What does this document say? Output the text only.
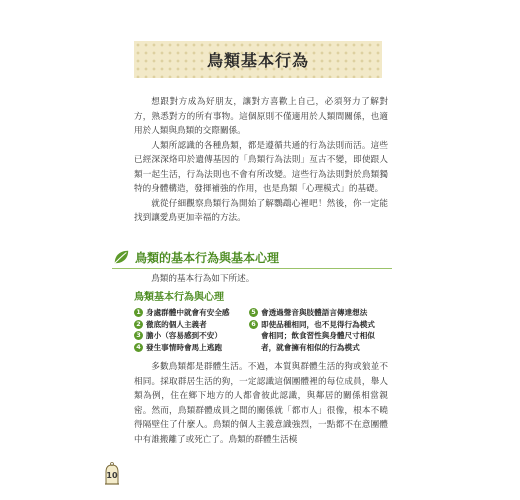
鳥類基本行為

想跟對方成為好朋友，讓對方喜歡上自己，必須努力了解對方，熟悉對方的所有事物。這個原則不僅適用於人類間關係，也適用於人類與鳥類的交際關係。

人類所認識的各種鳥類，都是遵循共通的行為法則而活。這些已經深深烙印於遺傳基因的「鳥類行為法則」亙古不變，即使跟人類一起生活，行為法則也不會有所改變。這些行為法則對於鳥類獨特的身體構造，發揮補強的作用，也是鳥類「心理模式」的基礎。

就從仔細觀察鳥類行為開始了解鸚鵡心裡吧！然後，你一定能找到讓愛鳥更加幸福的方法。

鳥類的基本行為與基本心理

鳥類的基本行為如下所述。

鳥類基本行為與心理
1 身處群體中就會有安全感
2 徹底的個人主義者
3 膽小（容易感到不安）
4 發生事情時會馬上逃跑
5 會透過聲音與肢體語言傳達想法
6 即使品種相同，也不見得行為模式
會相同；飲食習性與身體尺寸相似
者，就會擁有相似的行為模式

多數鳥類都是群體生活。不過，本質與群體生活的狗或狼並不相同。採取群居生活的狗，一定認識這個團體裡的每位成員，舉人類為例，住在鄉下地方的人都會彼此認識，與鄰居的關係相當親密。然而，鳥類群體成員之間的關係就「都市人」很像，根本不曉得隔壁住了什麼人。鳥類的個人主義意識強烈，一點都不在意團體中有誰搬離了或死亡了。鳥類的群體生活模

10
